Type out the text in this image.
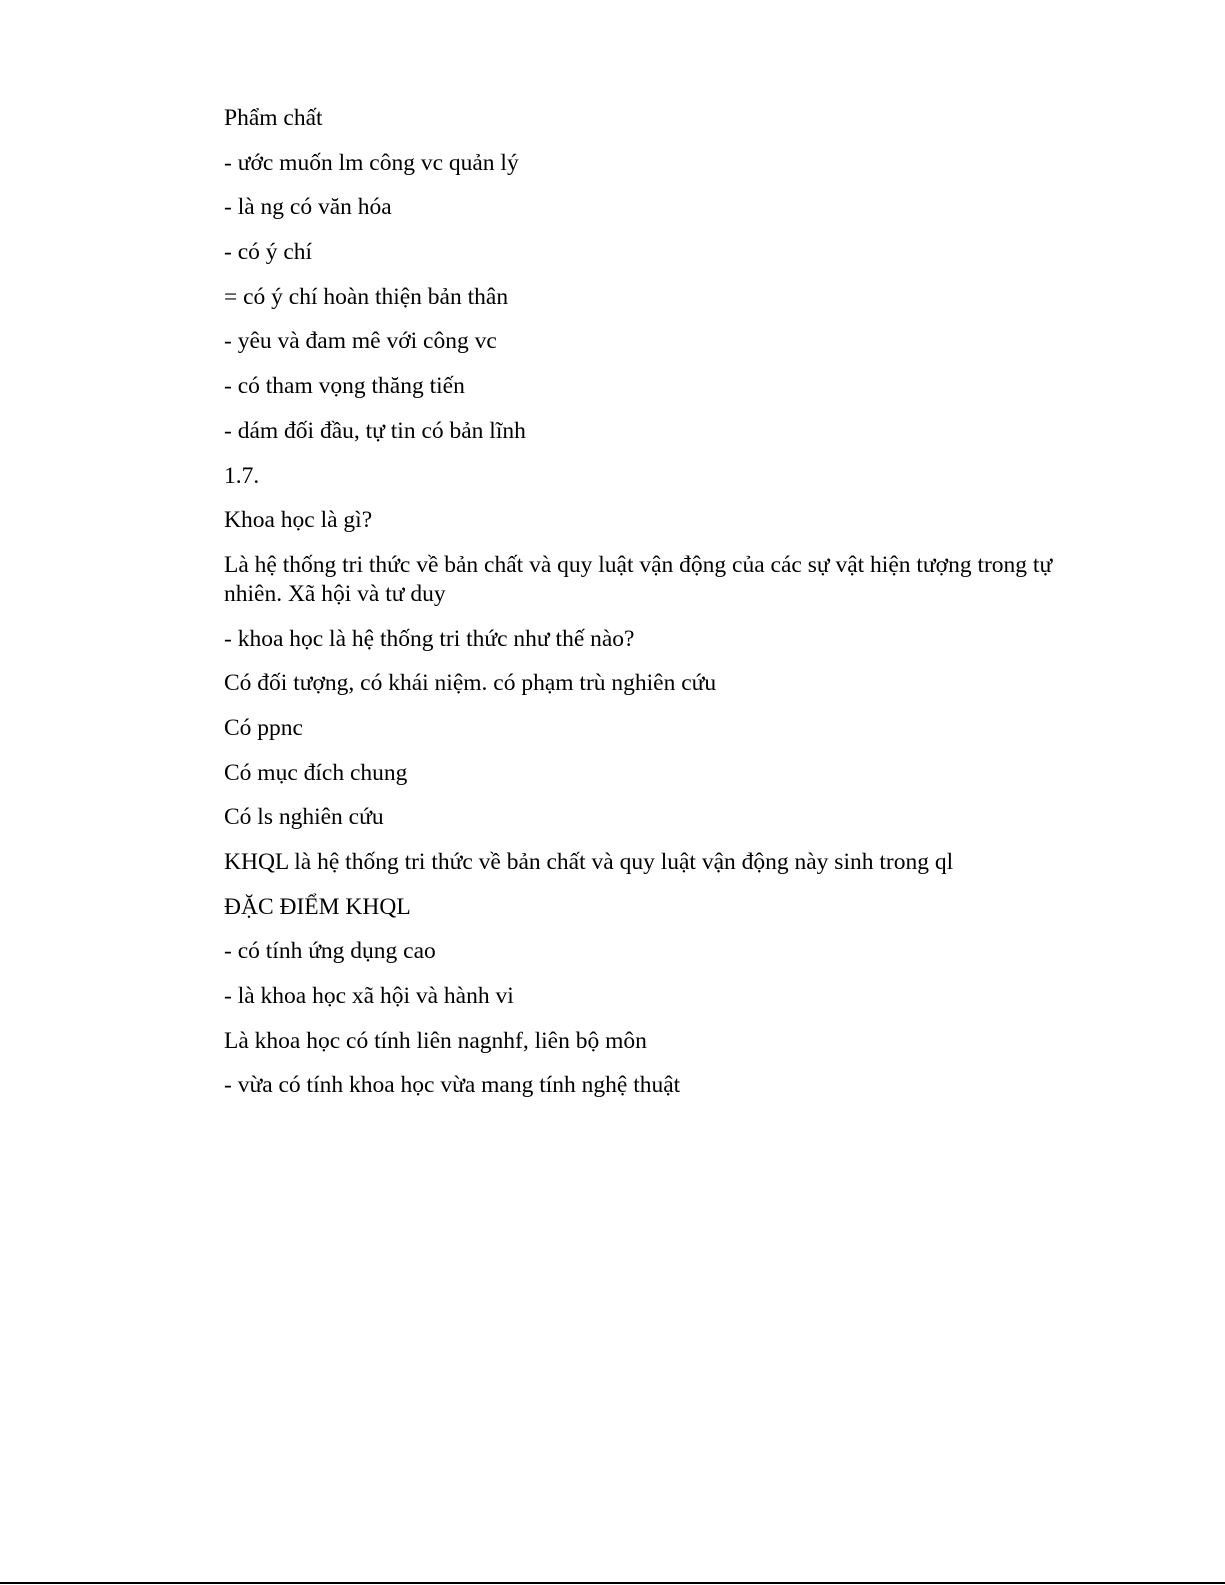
Phẩm chất

- ước muốn lm công vc quản lý

- là ng có văn hóa

- có ý chí

= có ý chí hoàn thiện bản thân

- yêu và đam mê với công vc

- có tham vọng thăng tiến

- dám đối đầu, tự tin có bản lĩnh

1.7.

Khoa học là gì?

Là hệ thống tri thức về bản chất và quy luật vận động của các sự vật hiện tượng trong tự nhiên. Xã hội và tư duy

- khoa học là hệ thống tri thức như thế nào?

Có đối tượng, có khái niệm. có phạm trù nghiên cứu

Có ppnc

Có mục đích chung

Có ls nghiên cứu

KHQL là hệ thống tri thức về bản chất và quy luật vận động này sinh trong ql

ĐẶC ĐIỂM KHQL

- có tính ứng dụng cao

- là khoa học xã hội và hành vi

Là khoa học có tính liên nagnhf, liên bộ môn

- vừa có tính khoa học vừa mang tính nghệ thuật
